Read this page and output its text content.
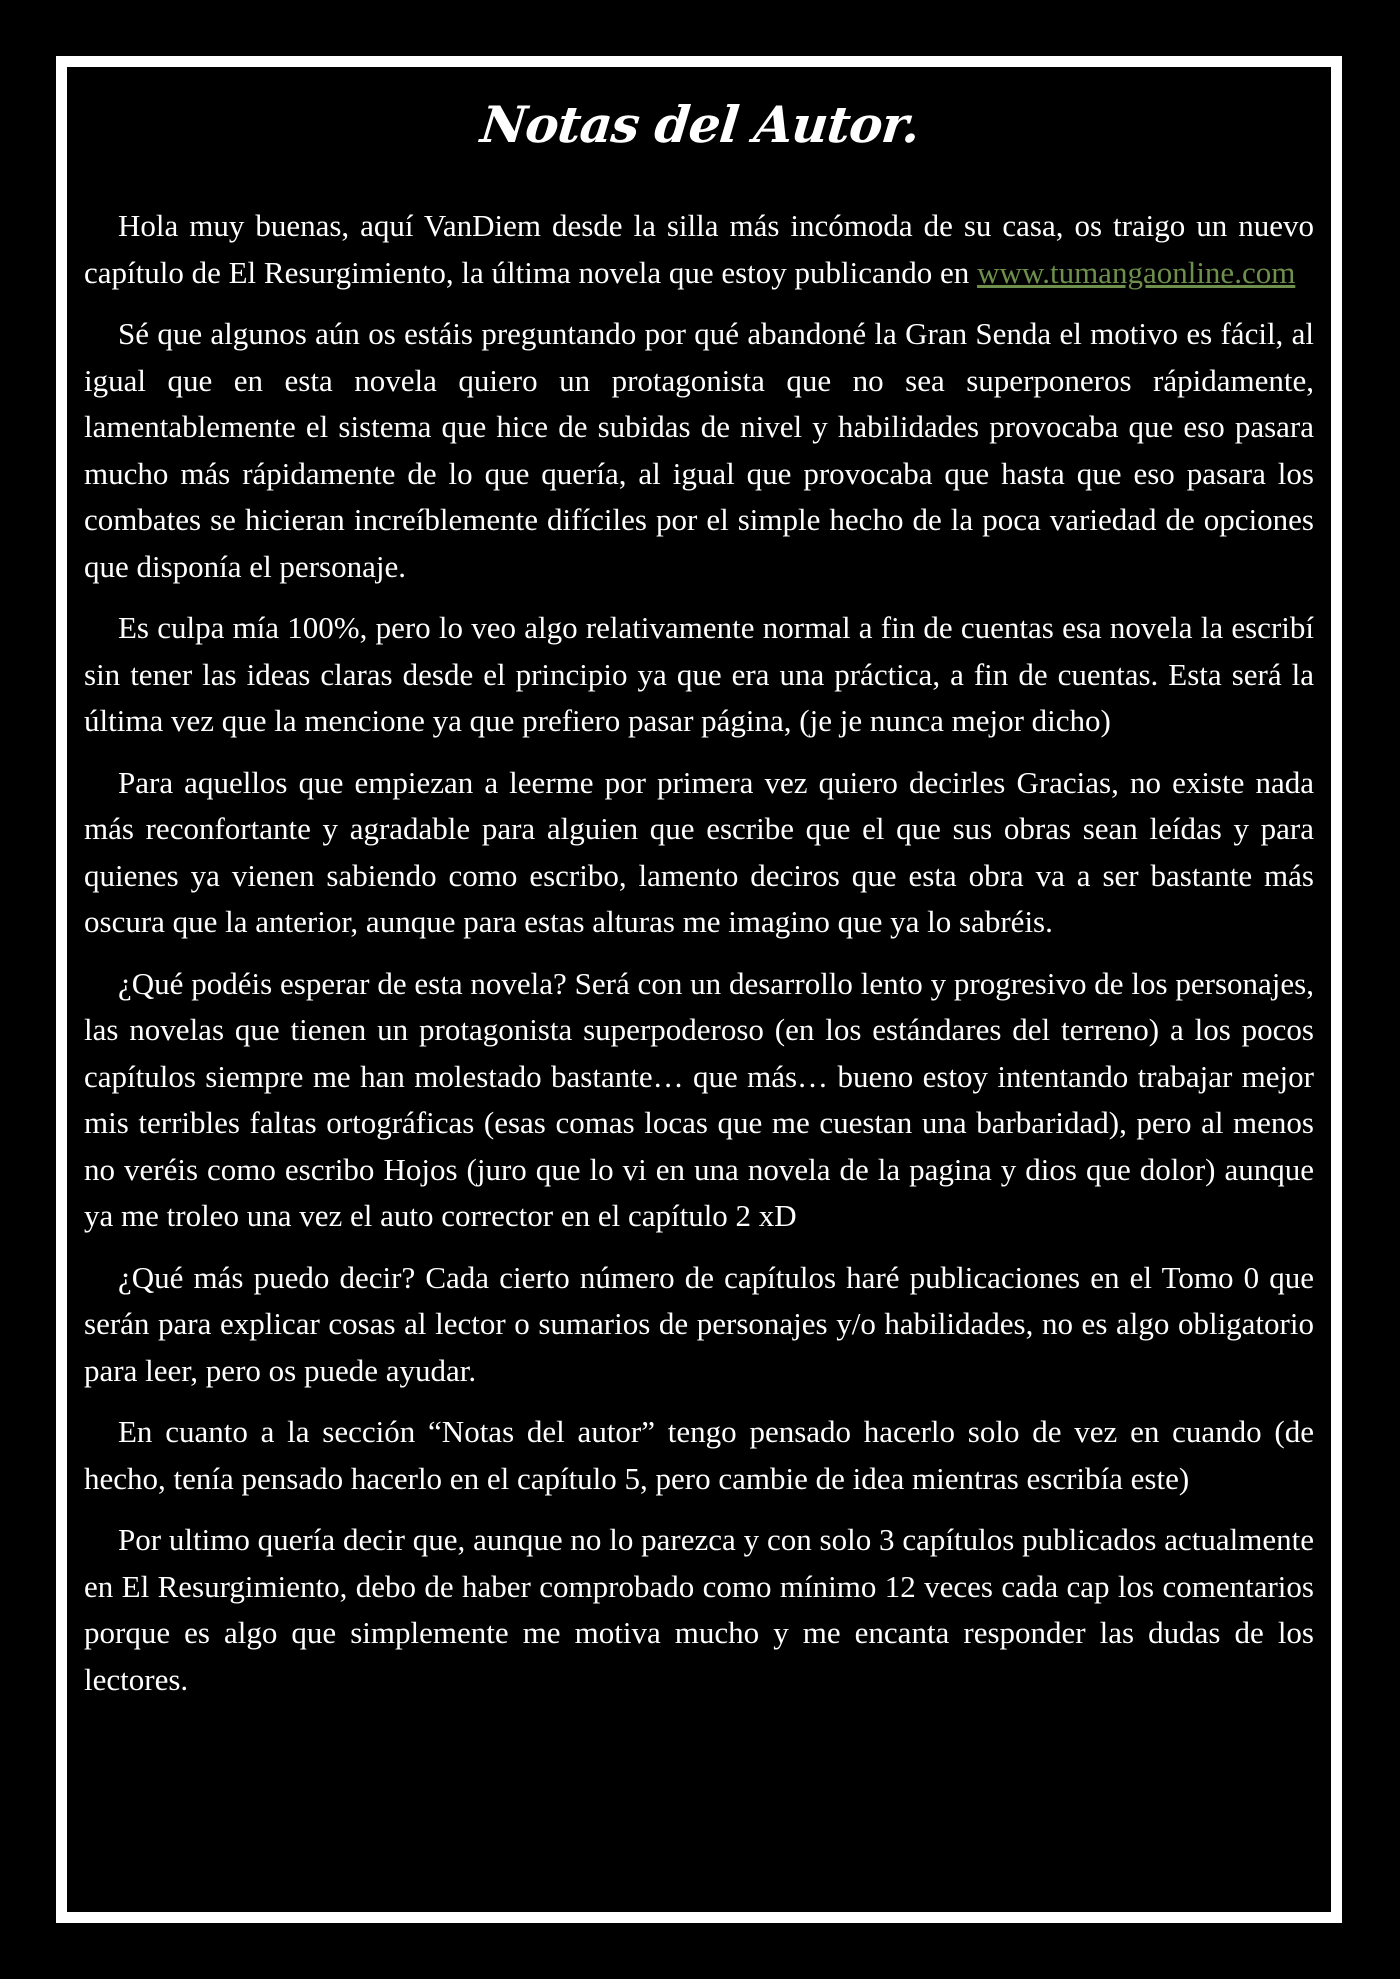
Notas del Autor.

Hola muy buenas, aquí VanDiem desde la silla más incómoda de su casa, os traigo un nuevo capítulo de El Resurgimiento, la última novela que estoy publicando en www.tumangaonline.com

Sé que algunos aún os estáis preguntando por qué abandoné la Gran Senda el motivo es fácil, al igual que en esta novela quiero un protagonista que no sea superponeros rápidamente, lamentablemente el sistema que hice de subidas de nivel y habilidades provocaba que eso pasara mucho más rápidamente de lo que quería, al igual que provocaba que hasta que eso pasara los combates se hicieran increíblemente difíciles por el simple hecho de la poca variedad de opciones que disponía el personaje.

Es culpa mía 100%, pero lo veo algo relativamente normal a fin de cuentas esa novela la escribí sin tener las ideas claras desde el principio ya que era una práctica, a fin de cuentas. Esta será la última vez que la mencione ya que prefiero pasar página, (je je nunca mejor dicho)

Para aquellos que empiezan a leerme por primera vez quiero decirles Gracias, no existe nada más reconfortante y agradable para alguien que escribe que el que sus obras sean leídas y para quienes ya vienen sabiendo como escribo, lamento deciros que esta obra va a ser bastante más oscura que la anterior, aunque para estas alturas me imagino que ya lo sabréis.

¿Qué podéis esperar de esta novela? Será con un desarrollo lento y progresivo de los personajes, las novelas que tienen un protagonista superpoderoso (en los estándares del terreno) a los pocos capítulos siempre me han molestado bastante… que más… bueno estoy intentando trabajar mejor mis terribles faltas ortográficas (esas comas locas que me cuestan una barbaridad), pero al menos no veréis como escribo Hojos (juro que lo vi en una novela de la pagina y dios que dolor) aunque ya me troleo una vez el auto corrector en el capítulo 2 xD

¿Qué más puedo decir? Cada cierto número de capítulos haré publicaciones en el Tomo 0 que serán para explicar cosas al lector o sumarios de personajes y/o habilidades, no es algo obligatorio para leer, pero os puede ayudar.

En cuanto a la sección “Notas del autor” tengo pensado hacerlo solo de vez en cuando (de hecho, tenía pensado hacerlo en el capítulo 5, pero cambie de idea mientras escribía este)

Por ultimo quería decir que, aunque no lo parezca y con solo 3 capítulos publicados actualmente en El Resurgimiento, debo de haber comprobado como mínimo 12 veces cada cap los comentarios porque es algo que simplemente me motiva mucho y me encanta responder las dudas de los lectores.
